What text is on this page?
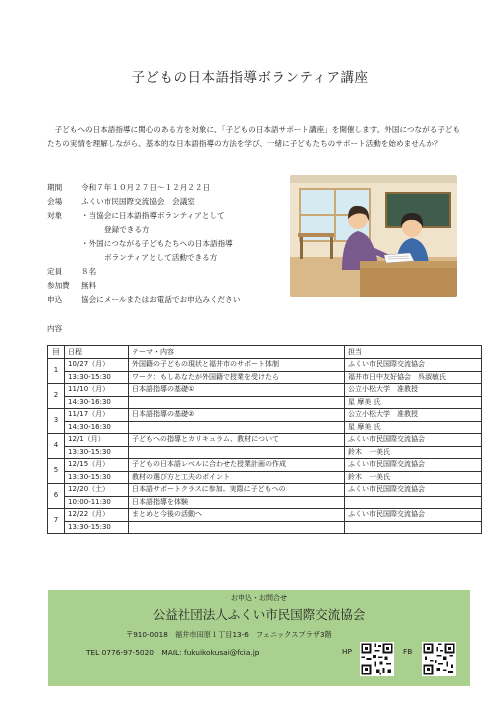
子どもの日本語指導ボランティア講座

　子どもへの日本語指導に関心のある方を対象に、「子どもの日本語サポート講座」を開催します。外国につながる子どもたちの実情を理解しながら、基本的な日本語指導の方法を学び、一緒に子どもたちのサポート活動を始めませんか？

期間	令和７年１０月２７日～１２月２２日
会場	ふくい市民国際交流協会　会議室
対象	・当協会に日本語指導ボランティアとして
登録できる方
・外国につながる子どもたちへの日本語指導
ボランティアとして活動できる方
定員	８名
参加費	無料
申込	協会にメールまたはお電話でお申込みください
内容
回	日程	テーマ・内容	担当
1	10/27（月）	外国籍の子どもの現状と福井市のサポート体制	ふくい市民国際交流協会
	13:30-15:30	ワーク：もしあなたが外国籍で授業を受けたら	福井市日中友好協会　呉淑敏氏
2	11/10（月）	日本語指導の基礎①	公立小松大学　准教授
	14:30-16:30		星 摩美 氏
3	11/17（月）	日本語指導の基礎②	公立小松大学　准教授
	14:30-16:30		星 摩美 氏
4	12/1（月）	子どもへの指導とカリキュラム、教材について	ふくい市民国際交流協会
	13:30-15:30		鈴木　一美氏
5	12/15（月）	子どもの日本語レベルに合わせた授業計画の作成	ふくい市民国際交流協会
	13:30-15:30	教材の選び方と工夫のポイント	鈴木　一美氏
6	12/20（土）	日本語サポートクラスに参加。実際に子どもへの	ふくい市民国際交流協会
	10:00-11:30	日本語指導を体験	
7	12/22（月）	まとめと今後の活動へ	ふくい市民国際交流協会
	13:30-15:30		
お申込・お問合せ
公益社団法人ふくい市民国際交流協会
〒910-0018　福井市田原１丁目13-6　フェニックスプラザ3階
TEL 0776-97-5020　MAIL: fukuikokusai@fcia.jp	HP	FB
